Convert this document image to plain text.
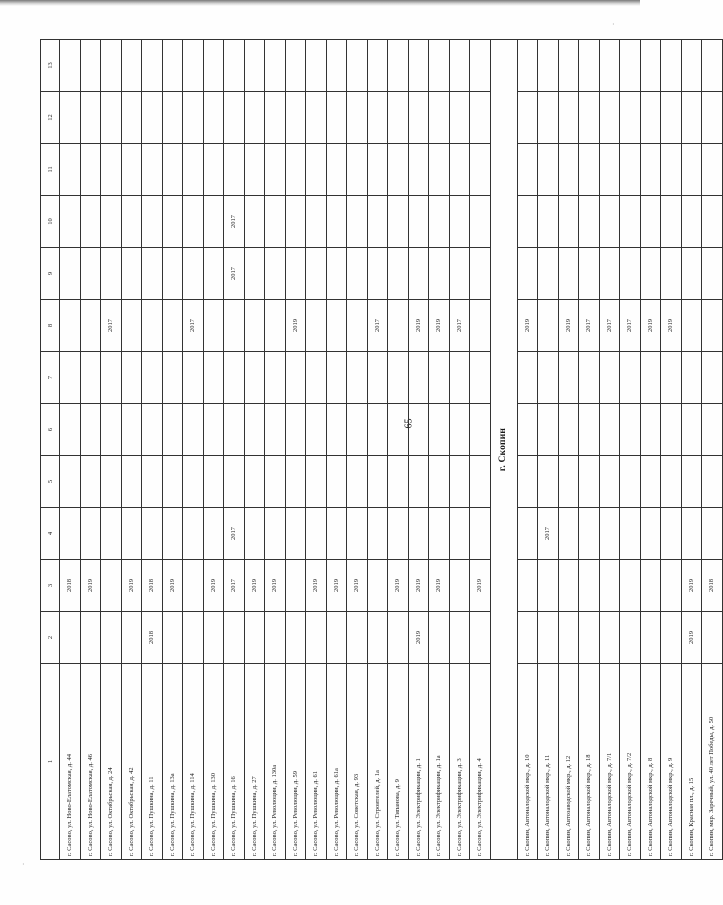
65
·
·
1	2	3	4	5	6	7	8	9	10	11	12	13
г. Сасово, ул. Ново-Елатомская, д. 44		2018										
г. Сасово, ул. Ново-Елатомская, д. 46		2019										
г. Сасово, ул. Октябрьская, д. 24							2017					
г. Сасово, ул. Октябрьская, д. 42		2019										
г. Сасово, ул. Пушкина, д. 11	2018	2018										
г. Сасово, ул. Пушкина, д. 13а		2019										
г. Сасово, ул. Пушкина, д. 114							2017					
г. Сасово, ул. Пушкина, д. 130		2019										
г. Сасово, ул. Пушкина, д. 16		2017	2017					2017	2017			
г. Сасово, ул. Пушкина, д. 27		2019										
г. Сасово, ул. Революции, д. 130а		2019										
г. Сасово, ул. Революции, д. 59							2019					
г. Сасово, ул. Революции, д. 61		2019										
г. Сасово, ул. Революции, д. 61а		2019										
г. Сасово, ул. Советская, д. 93		2019										
г. Сасово, ул. Строителей, д. 1а							2017					
г. Сасово, ул. Типанова, д. 9		2019										
г. Сасово, ул. Электрификации, д. 1	2019	2019					2019					
г. Сасово, ул. Электрификации, д. 1а		2019					2019					
г. Сасово, ул. Электрификации, д. 3							2017					
г. Сасово, ул. Электрификации, д. 4		2019										
г. Скопин												
г. Скопин, Автоналодской мкр., д. 10							2019					
г. Скопин, Автоналодской мкр., д. 11			2017									
г. Скопин, Автозаводской мкр., д. 12							2019					
г. Скопин, Автоналодской мкр., д. 18							2017					
г. Скопин, Автоналодской мкр., д. 7/1							2017					
г. Скопин, Автоналодской мкр., д. 7/2							2017					
г. Скопин, Автоналодской мкр., д. 8							2019					
г. Скопин, Автоналодской мкр., д. 9							2019					
г. Скопин, Красная пл., д. 15	2019	2019										
г. Скопин, мкр. Заречный, ул. 40 лет Победы, д. 50		2018										
